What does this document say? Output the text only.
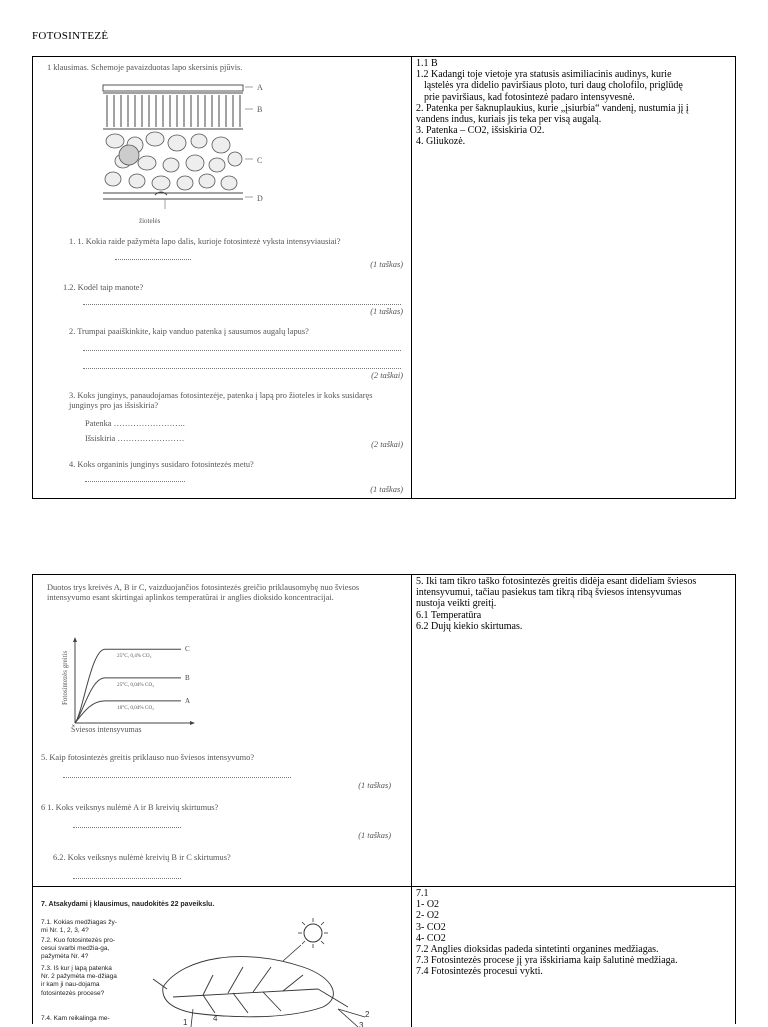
FOTOSINTEZĖ
1 klausimas. Schemoje pavaizduotas lapo skersinis pjūvis.
A
B
C
D
žiotelės
1. 1. Kokia raide pažymėta lapo dalis, kurioje fotosintezė vyksta intensyviausiai?
(1 taškas)
1.2. Kodėl taip manote?
(1 taškas)
2. Trumpai paaiškinkite, kaip vanduo patenka į sausumos augalų lapus?
(2 taškai)
3. Koks junginys, panaudojamas fotosintezėje, patenka į lapą pro žioteles ir koks susidaręs junginys pro jas išsiskiria?
Patenka ……………………..
Išsiskiria ……………………
(2 taškai)
4. Koks organinis junginys susidaro fotosintezės metu?
(1 taškas)
1.1 B
1.2 Kadangi toje vietoje yra statusis asimiliacinis audinys, kurie
ląstelės yra didelio paviršiaus ploto, turi daug cholofilo, priglūdę
prie paviršiaus, kad fotosintezė padaro intensyvesnė.
2. Patenka per šaknuplaukius, kurie „įsiurbia“ vandenį, nustumia jį į
vandens indus, kuriais jis teka per visą augalą.
3. Patenka – CO2, išsiskiria O2.
4. Gliukozė.
Duotos trys kreivės A, B ir C, vaizduojančios fotosintezės greičio priklausomybę nuo šviesos intensyvumo esant skirtingai aplinkos temperatūrai ir anglies dioksido koncentracijai.
Fotosintezės greitis
C
25°C, 0,4% CO₂
B
25°C, 0,04% CO₂
A
18°C, 0,04% CO₂
Šviesos intensyvumas
5. Kaip fotosintezės greitis priklauso nuo šviesos intensyvumo?
(1 taškas)
6 1. Koks veiksnys nulėmė A ir B kreivių skirtumus?
(1 taškas)
6.2. Koks veiksnys nulėmė kreivių B ir C skirtumus?
5. Iki tam tikro taško fotosintezės greitis didėja esant dideliam šviesos
intensyvumui, tačiau pasiekus tam tikrą ribą šviesos intensyvumas
nustoja veikti greitį.
6.1 Temperatūra
6.2 Dujų kiekio skirtumas.
7. Atsakydami į klausimus, naudokitės 22 paveikslu.
7.1. Kokias medžiagas žy-mi Nr. 1, 2, 3, 4?
7.2. Kuo fotosintezės pro-cesui svarbi medžia-ga, pažymėta Nr. 4?
7.3. Iš kur į lapą patenka Nr. 2 pažymėta me-džiaga ir kam ji nau-dojama fotosintezės procese?
7.4. Kam reikalinga me-	1	4	2
3
7.1
1- O2
2- O2
3- CO2
4- CO2
7.2 Anglies dioksidas padeda sintetinti organines medžiagas.
7.3 Fotosintezės procese jį yra išskiriama kaip šalutinė medžiaga.
7.4 Fotosintezės procesui vykti.
